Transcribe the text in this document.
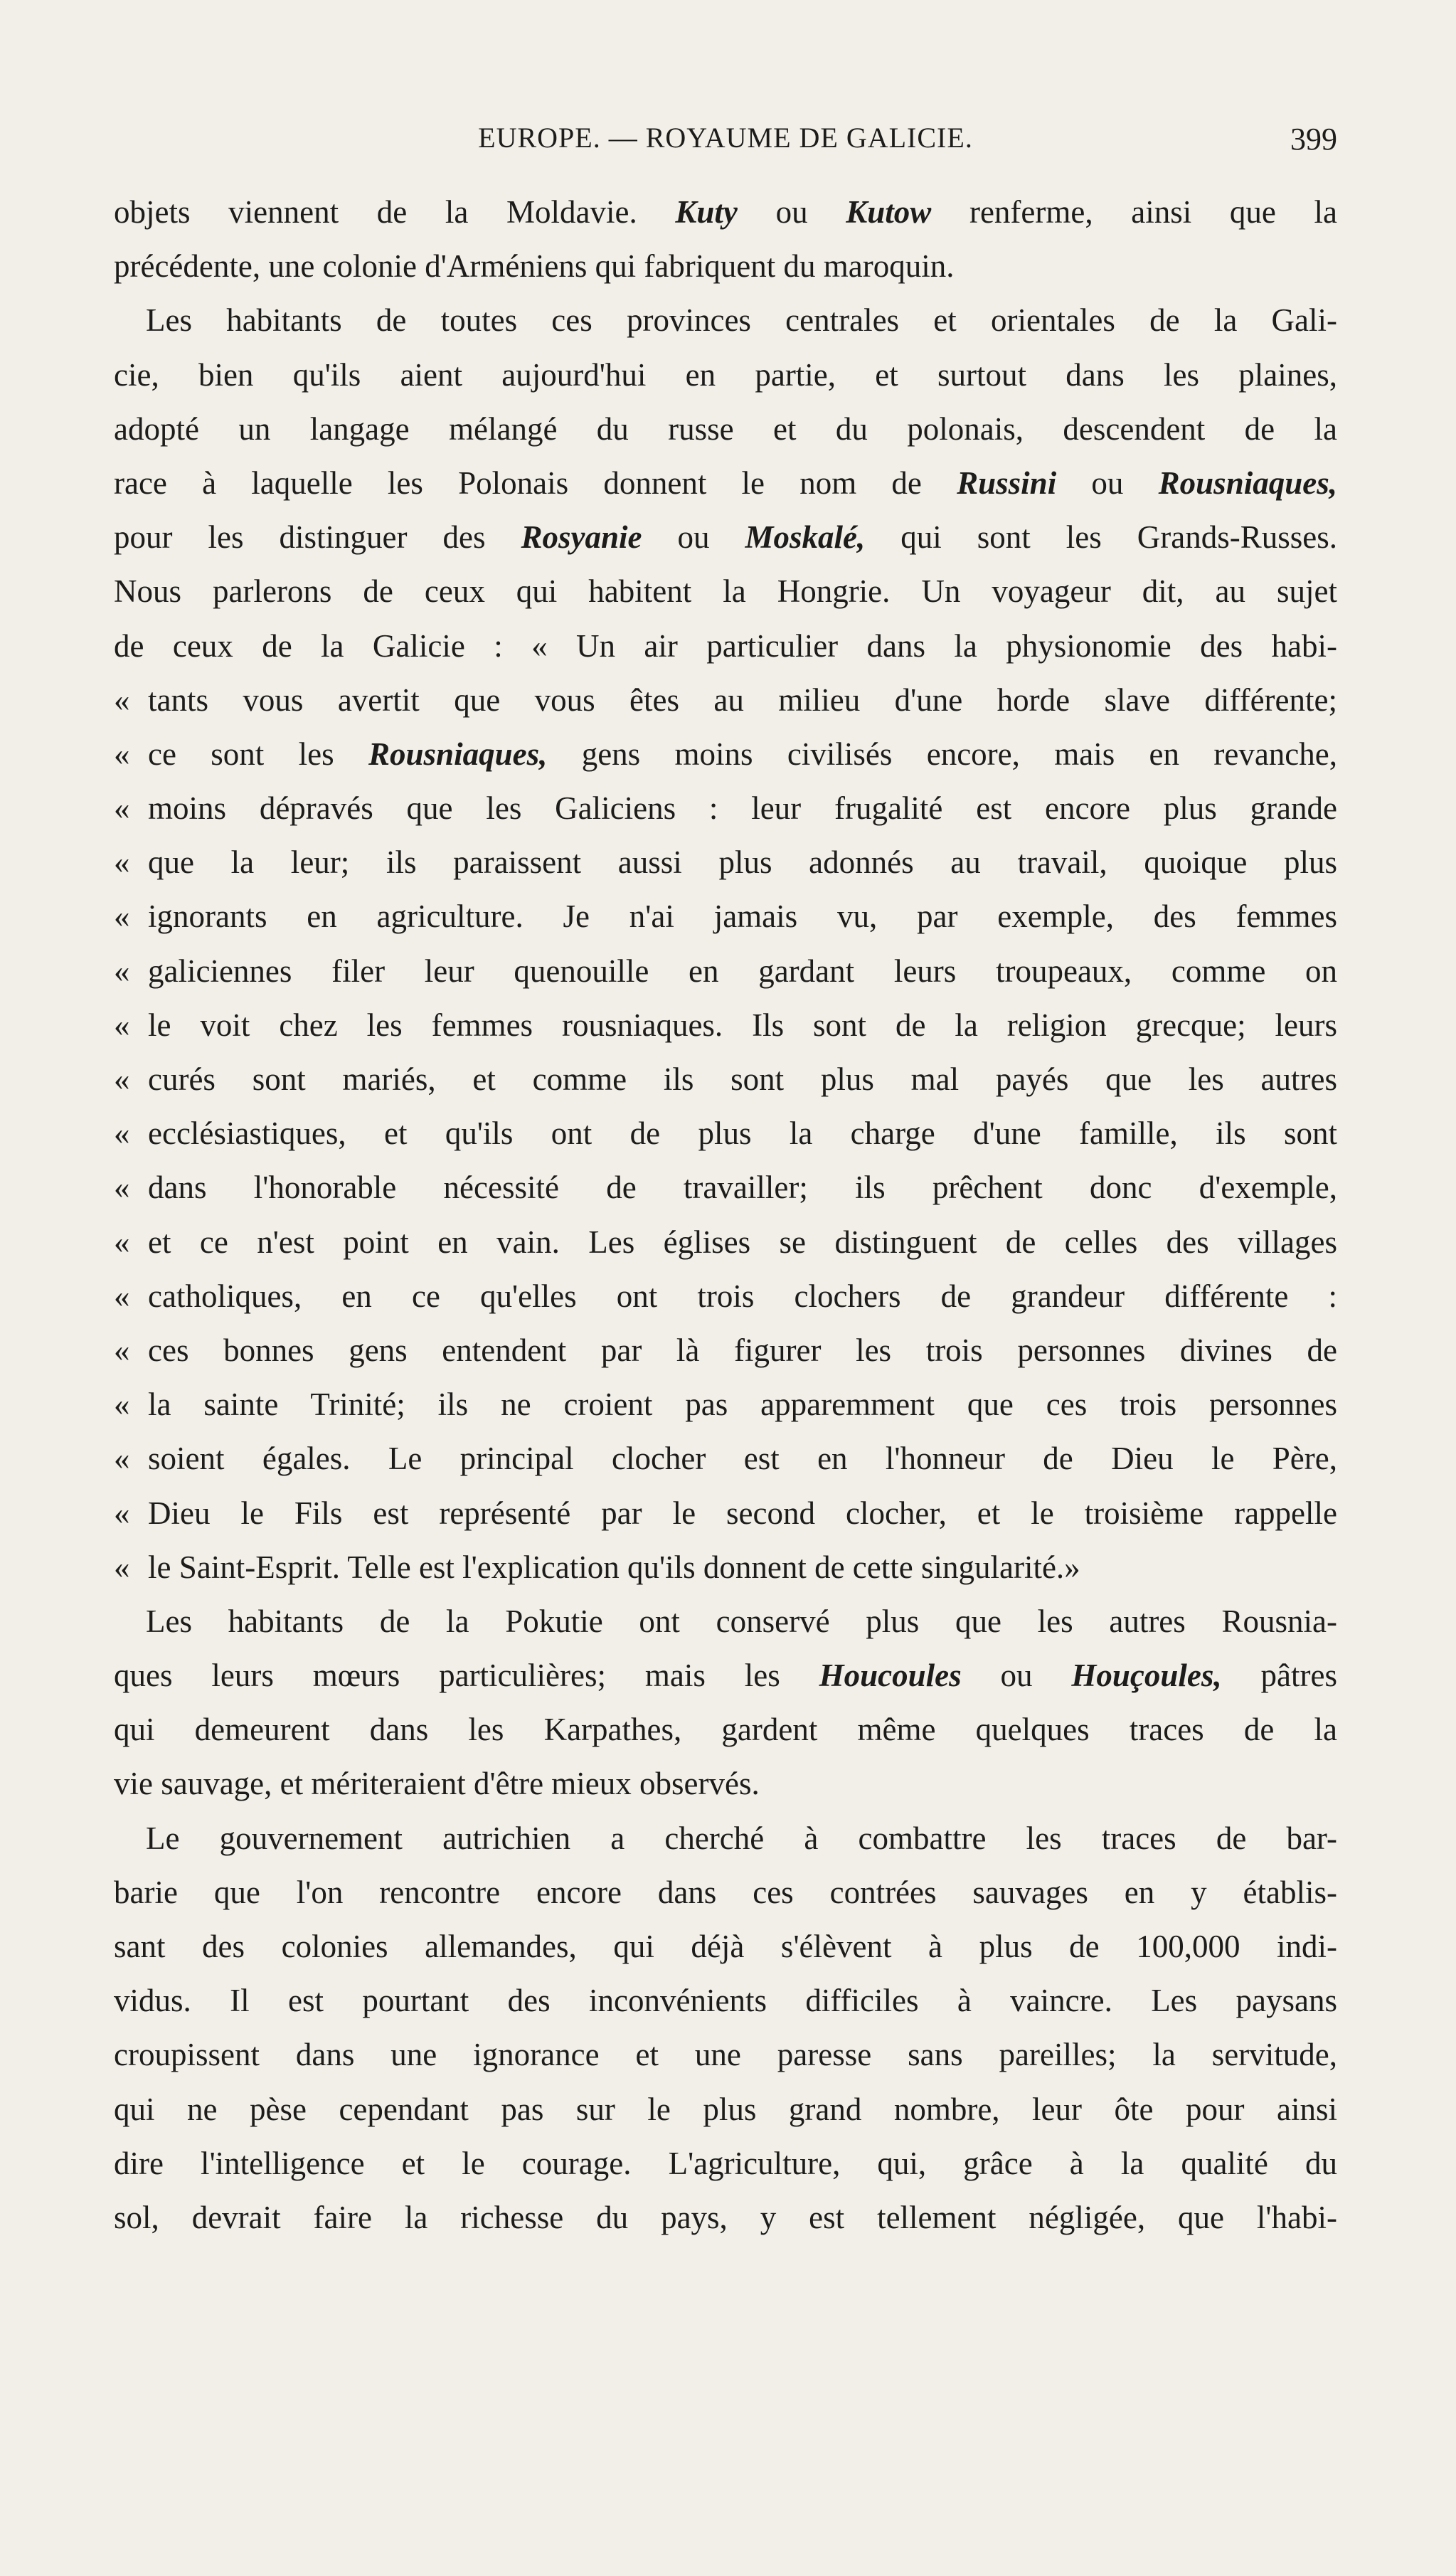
EUROPE. — ROYAUME DE GALICIE.	399
objets viennent de la Moldavie. Kuty ou Kutow renferme, ainsi que la
précédente, une colonie d'Arméniens qui fabriquent du maroquin.
Les habitants de toutes ces provinces centrales et orientales de la Gali-
cie, bien qu'ils aient aujourd'hui en partie, et surtout dans les plaines,
adopté un langage mélangé du russe et du polonais, descendent de la
race à laquelle les Polonais donnent le nom de Russini ou Rousniaques,
pour les distinguer des Rosyanie ou Moskalé, qui sont les Grands-Russes.
Nous parlerons de ceux qui habitent la Hongrie. Un voyageur dit, au sujet
de ceux de la Galicie : « Un air particulier dans la physionomie des habi-
« tants vous avertit que vous êtes au milieu d'une horde slave différente;
« ce sont les Rousniaques, gens moins civilisés encore, mais en revanche,
« moins dépravés que les Galiciens : leur frugalité est encore plus grande
« que la leur; ils paraissent aussi plus adonnés au travail, quoique plus
« ignorants en agriculture. Je n'ai jamais vu, par exemple, des femmes
« galiciennes filer leur quenouille en gardant leurs troupeaux, comme on
« le voit chez les femmes rousniaques. Ils sont de la religion grecque; leurs
« curés sont mariés, et comme ils sont plus mal payés que les autres
« ecclésiastiques, et qu'ils ont de plus la charge d'une famille, ils sont
« dans l'honorable nécessité de travailler; ils prêchent donc d'exemple,
« et ce n'est point en vain. Les églises se distinguent de celles des villages
« catholiques, en ce qu'elles ont trois clochers de grandeur différente :
« ces bonnes gens entendent par là figurer les trois personnes divines de
« la sainte Trinité; ils ne croient pas apparemment que ces trois personnes
« soient égales. Le principal clocher est en l'honneur de Dieu le Père,
« Dieu le Fils est représenté par le second clocher, et le troisième rappelle
« le Saint-Esprit. Telle est l'explication qu'ils donnent de cette singularité.»
Les habitants de la Pokutie ont conservé plus que les autres Rousnia-
ques leurs mœurs particulières; mais les Houcoules ou Houçoules, pâtres
qui demeurent dans les Karpathes, gardent même quelques traces de la
vie sauvage, et mériteraient d'être mieux observés.
Le gouvernement autrichien a cherché à combattre les traces de bar-
barie que l'on rencontre encore dans ces contrées sauvages en y établis-
sant des colonies allemandes, qui déjà s'élèvent à plus de 100,000 indi-
vidus. Il est pourtant des inconvénients difficiles à vaincre. Les paysans
croupissent dans une ignorance et une paresse sans pareilles; la servitude,
qui ne pèse cependant pas sur le plus grand nombre, leur ôte pour ainsi
dire l'intelligence et le courage. L'agriculture, qui, grâce à la qualité du
sol, devrait faire la richesse du pays, y est tellement négligée, que l'habi-
